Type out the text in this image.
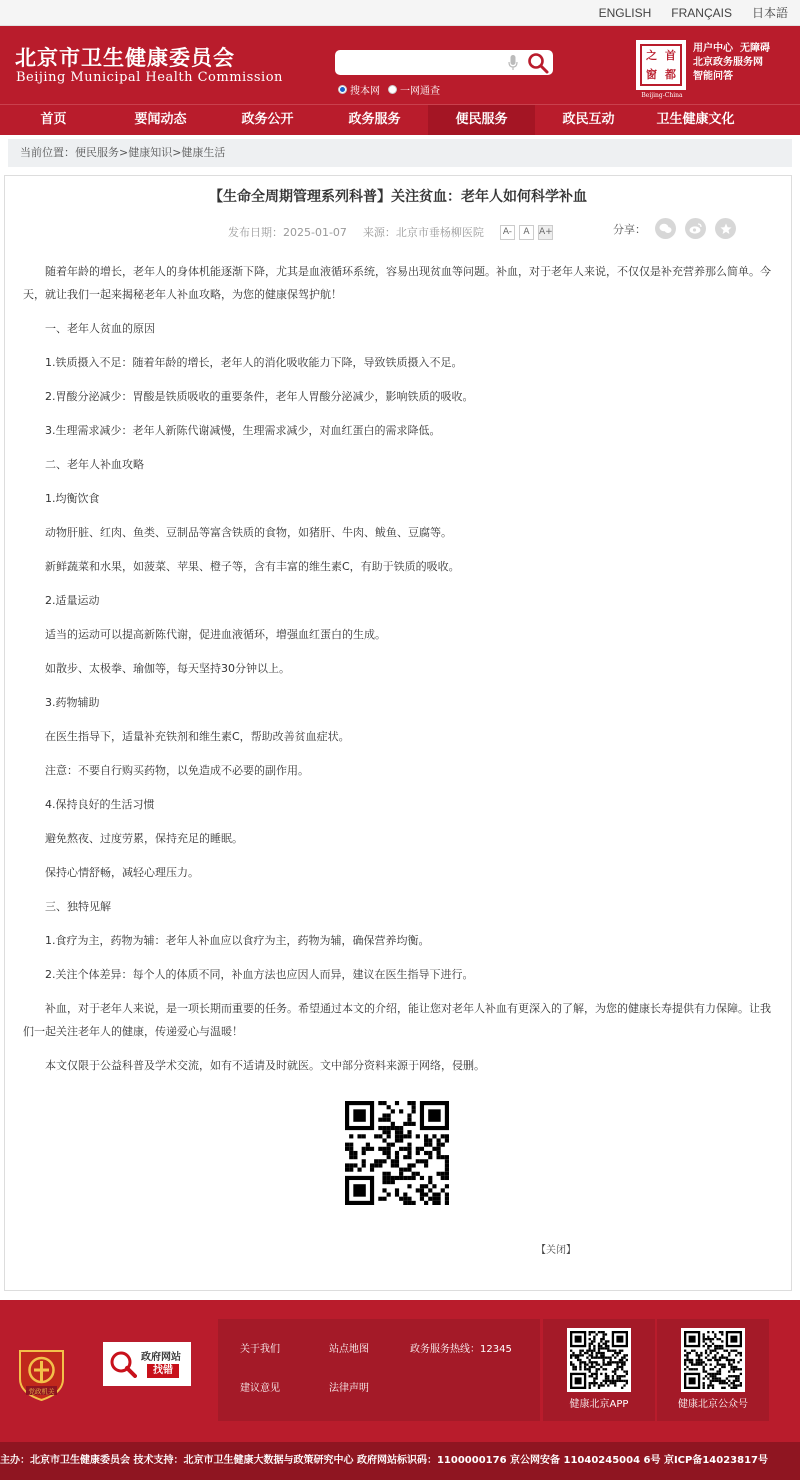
ENGLISH FRANÇAIS 日本語
北京市卫生健康委员会
Beijing Municipal Health Commission
搜本网 一网通查
之 首
窗 都
Beijing-China
用户中心 无障碍
北京政务服务网
智能问答
首页	要闻动态	政务公开	政务服务	便民服务	政民互动	卫生健康文化
当前位置：便民服务>健康知识>健康生活
【生命全周期管理系列科普】关注贫血：老年人如何科学补血
发布日期：2025-01-07 来源：北京市垂杨柳医院	A-	A	A+	分享：

随着年龄的增长，老年人的身体机能逐渐下降，尤其是血液循环系统，容易出现贫血等问题。补血，对于老年人来说，不仅仅是补充营养那么简单。今天，就让我们一起来揭秘老年人补血攻略，为您的健康保驾护航！

一、老年人贫血的原因

1.铁质摄入不足：随着年龄的增长，老年人的消化吸收能力下降，导致铁质摄入不足。

2.胃酸分泌减少：胃酸是铁质吸收的重要条件，老年人胃酸分泌减少，影响铁质的吸收。

3.生理需求减少：老年人新陈代谢减慢，生理需求减少，对血红蛋白的需求降低。

二、老年人补血攻略

1.均衡饮食

动物肝脏、红肉、鱼类、豆制品等富含铁质的食物，如猪肝、牛肉、鲅鱼、豆腐等。

新鲜蔬菜和水果，如菠菜、苹果、橙子等，含有丰富的维生素C，有助于铁质的吸收。

2.适量运动

适当的运动可以提高新陈代谢，促进血液循环，增强血红蛋白的生成。

如散步、太极拳、瑜伽等，每天坚持30分钟以上。

3.药物辅助

在医生指导下，适量补充铁剂和维生素C，帮助改善贫血症状。

注意：不要自行购买药物，以免造成不必要的副作用。

4.保持良好的生活习惯

避免熬夜、过度劳累，保持充足的睡眠。

保持心情舒畅，减轻心理压力。

三、独特见解

1.食疗为主，药物为辅：老年人补血应以食疗为主，药物为辅，确保营养均衡。

2.关注个体差异：每个人的体质不同，补血方法也应因人而异，建议在医生指导下进行。

补血，对于老年人来说，是一项长期而重要的任务。希望通过本文的介绍，能让您对老年人补血有更深入的了解，为您的健康长寿提供有力保障。让我们一起关注老年人的健康，传递爱心与温暖！

本文仅限于公益科普及学术交流，如有不适请及时就医。文中部分资料来源于网络，侵删。

【关闭】
党政机关
政府网站
找错
关于我们	站点地图	政务服务热线：12345
建议意见	法律声明
健康北京APP	健康北京公众号
主办：北京市卫生健康委员会 技术支持：北京市卫生健康大数据与政策研究中心 政府网站标识码：1100000176 京公网安备 11040245004 6号 京ICP备14023817号
